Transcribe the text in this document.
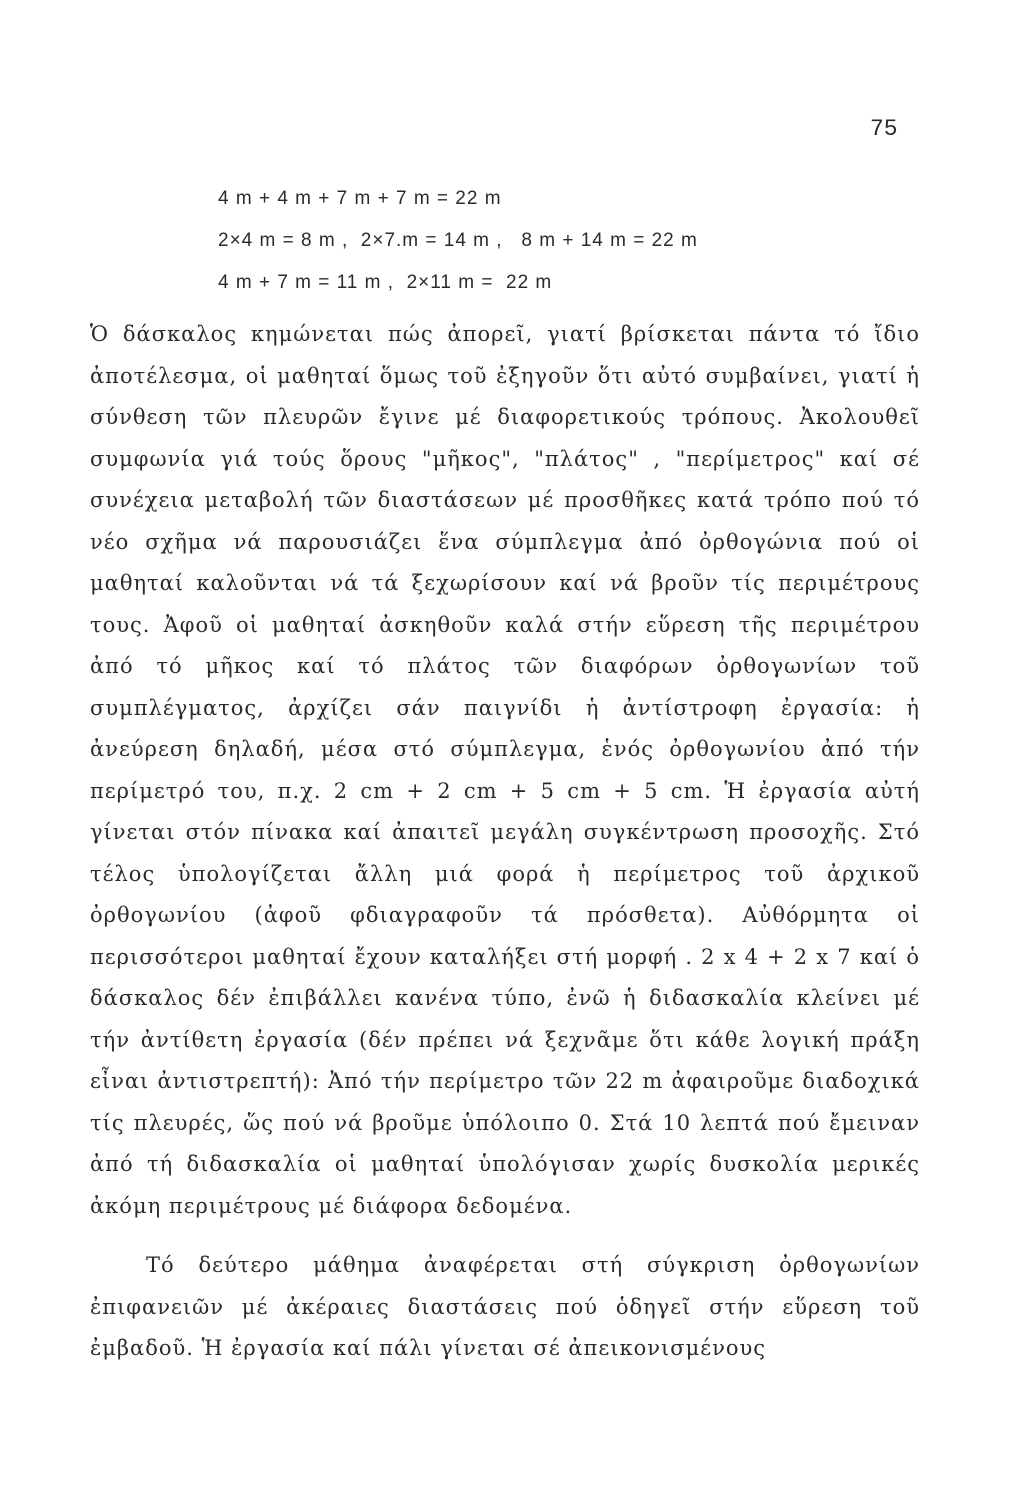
75
4 m + 4 m + 7 m + 7 m = 22 m
2×4 m = 8 m ,  2×7.m = 14 m ,   8 m + 14 m = 22 m
4 m + 7 m = 11 m ,  2×11 m =  22 m

Ὁ δάσκαλος κημώνεται πώς ἀπορεῖ, γιατί βρίσκεται πάντα τό ἴδιο ἀποτέλεσμα, οἱ μαθηταί ὅμως τοῦ ἐξηγοῦν ὅτι αὐτό συμβαίνει, γιατί ἡ σύνθεση τῶν πλευρῶν ἔγινε μέ διαφορετικούς τρόπους. Ἀκολουθεῖ συμφωνία γιά τούς ὅρους "μῆκος", "πλάτος" , "περίμετρος" καί σέ συνέχεια μεταβολή τῶν διαστάσεων μέ προσθῆκες κατά τρόπο πού τό νέο σχῆμα νά παρουσιάζει ἕνα σύμπλεγμα ἀπό ὀρθογώνια πού οἱ μαθηταί καλοῦνται νά τά ξεχωρίσουν καί νά βροῦν τίς περιμέτρους τους. Ἀφοῦ οἱ μαθηταί ἀσκηθοῦν καλά στήν εὕρεση τῆς περιμέτρου ἀπό τό μῆκος καί τό πλάτος τῶν διαφόρων ὀρθογωνίων τοῦ συμπλέγματος, ἀρχίζει σάν παιγνίδι ἡ ἀντίστροφη ἐργασία: ἡ ἀνεύρεση δηλαδή, μέσα στό σύμπλεγμα, ἑνός ὀρθογωνίου ἀπό τήν περίμετρό του, π.χ. 2 cm + 2 cm + 5 cm + 5 cm. Ἡ ἐργασία αὐτή γίνεται στόν πίνακα καί ἀπαιτεῖ μεγάλη συγκέντρωση προσοχῆς. Στό τέλος ὑπολογίζεται ἄλλη μιά φορά ἡ περίμετρος τοῦ ἀρχικοῦ ὀρθογωνίου (ἀφοῦ φδιαγραφοῦν τά πρόσθετα). Αὐθόρμητα οἱ περισσότεροι μαθηταί ἔχουν καταλήξει στή μορφή . 2 x 4 + 2 x 7 καί ὁ δάσκαλος δέν ἐπιβάλλει κανένα τύπο, ἐνῶ ἡ διδασκαλία κλείνει μέ τήν ἀντίθετη ἐργασία (δέν πρέπει νά ξεχνᾶμε ὅτι κάθε λογική πράξη εἶναι ἀντιστρεπτή): Ἀπό τήν περίμετρο τῶν 22 m ἀφαιροῦμε διαδοχικά τίς πλευρές, ὥς πού νά βροῦμε ὑπόλοιπο 0. Στά 10 λεπτά πού ἔμειναν ἀπό τή διδασκαλία οἱ μαθηταί ὑπολόγισαν χωρίς δυσκολία μερικές ἀκόμη περιμέτρους μέ διάφορα δεδομένα.

Τό δεύτερο μάθημα ἀναφέρεται στή σύγκριση ὀρθογωνίων ἐπιφανειῶν μέ ἀκέραιες διαστάσεις πού ὁδηγεῖ στήν εὕρεση τοῦ ἐμβαδοῦ. Ἡ ἐργασία καί πάλι γίνεται σέ ἀπεικονισμένους
